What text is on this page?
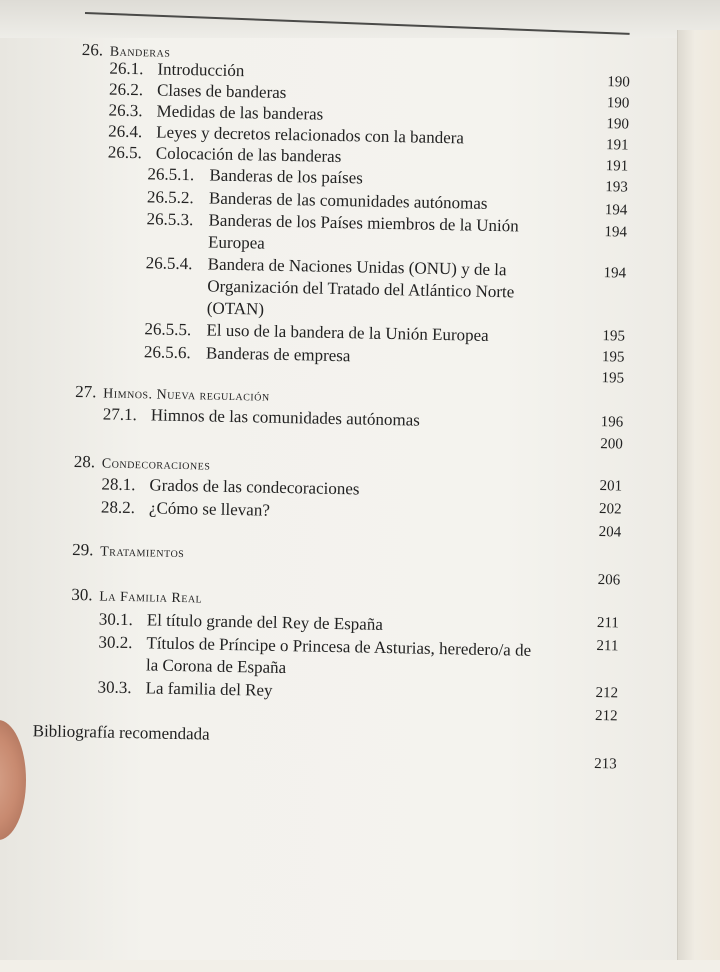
26. Banderas
26.1. Introducción
26.2. Clases de banderas
26.3. Medidas de las banderas
26.4. Leyes y decretos relacionados con la bandera
26.5. Colocación de las banderas
26.5.1. Banderas de los países
26.5.2. Banderas de las comunidades autónomas
26.5.3. Banderas de los Países miembros de la Unión
Europea
26.5.4. Bandera de Naciones Unidas (ONU) y de la
Organización del Tratado del Atlántico Norte
(OTAN)
26.5.5. El uso de la bandera de la Unión Europea
26.5.6. Banderas de empresa
27. Himnos. Nueva regulación
27.1. Himnos de las comunidades autónomas
28. Condecoraciones
28.1. Grados de las condecoraciones
28.2. ¿Cómo se llevan?
29. Tratamientos
30. La Familia Real
30.1. El título grande del Rey de España
30.2. Títulos de Príncipe o Princesa de Asturias, heredero/a de
la Corona de España
30.3. La familia del Rey
190
190
190
191
191
193
194
194
194
195
195
195
196
200
201
202
204
206
211
211
212
212
213
Bibliografía recomendada
